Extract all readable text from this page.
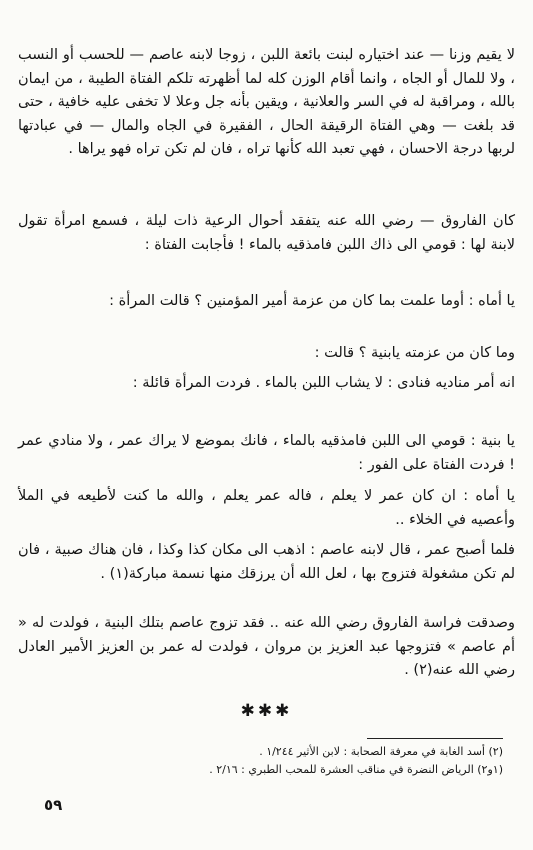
لا يقيم وزنا — عند اختياره لبنت بائعة اللبن ، زوجا لابنه عاصم — للحسب أو النسب ، ولا للمال أو الجاه ، وانما أقام الوزن كله لما أظهرته تلكم الفتاة الطيبة ، من ايمان بالله ، ومراقبة له في السر والعلانية ، ويقين بأنه جل وعلا لا تخفى عليه خافية ، حتى قد بلغت — وهي الفتاة الرقيقة الحال ، الفقيرة في الجاه والمال — في عبادتها لربها درجة الاحسان ، فهي تعبد الله كأنها تراه ، فان لم تكن تراه فهو يراها .

كان الفاروق — رضي الله عنه يتفقد أحوال الرعية ذات ليلة ، فسمع امرأة تقول لابنة لها : قومي الى ذاك اللبن فامذقيه بالماء ! فأجابت الفتاة :

يا أماه : أوما علمت بما كان من عزمة أمير المؤمنين ؟ قالت المرأة :

وما كان من عزمته يابنية ؟ قالت :

انه أمر مناديه فنادى : لا يشاب اللبن بالماء . فردت المرأة قائلة :

يا بنية : قومي الى اللبن فامذقيه بالماء ، فانك بموضع لا يراك عمر ، ولا منادي عمر ! فردت الفتاة على الفور :

يا أماه : ان كان عمر لا يعلم ، فاله عمر يعلم ، والله ما كنت لأطيعه في الملأ وأعصيه في الخلاء ..

فلما أصبح عمر ، قال لابنه عاصم : اذهب الى مكان كذا وكذا ، فان هناك صبية ، فان لم تكن مشغولة فتزوج بها ، لعل الله أن يرزقك منها نسمة مباركة(١) .

وصدقت فراسة الفاروق رضي الله عنه .. فقد تزوج عاصم بتلك البنية ، فولدت له « أم عاصم » فتزوجها عبد العزيز بن مروان ، فولدت له عمر بن العزيز الأمير العادل رضي الله عنه(٢) .

✱✱✱

(٢) أسد الغابة في معرفة الصحابة : لابن الأثير ١/٢٤٤ .

(١و٢) الرياض النضرة في مناقب العشرة للمحب الطبري : ٢/١٦ .

٥٩
